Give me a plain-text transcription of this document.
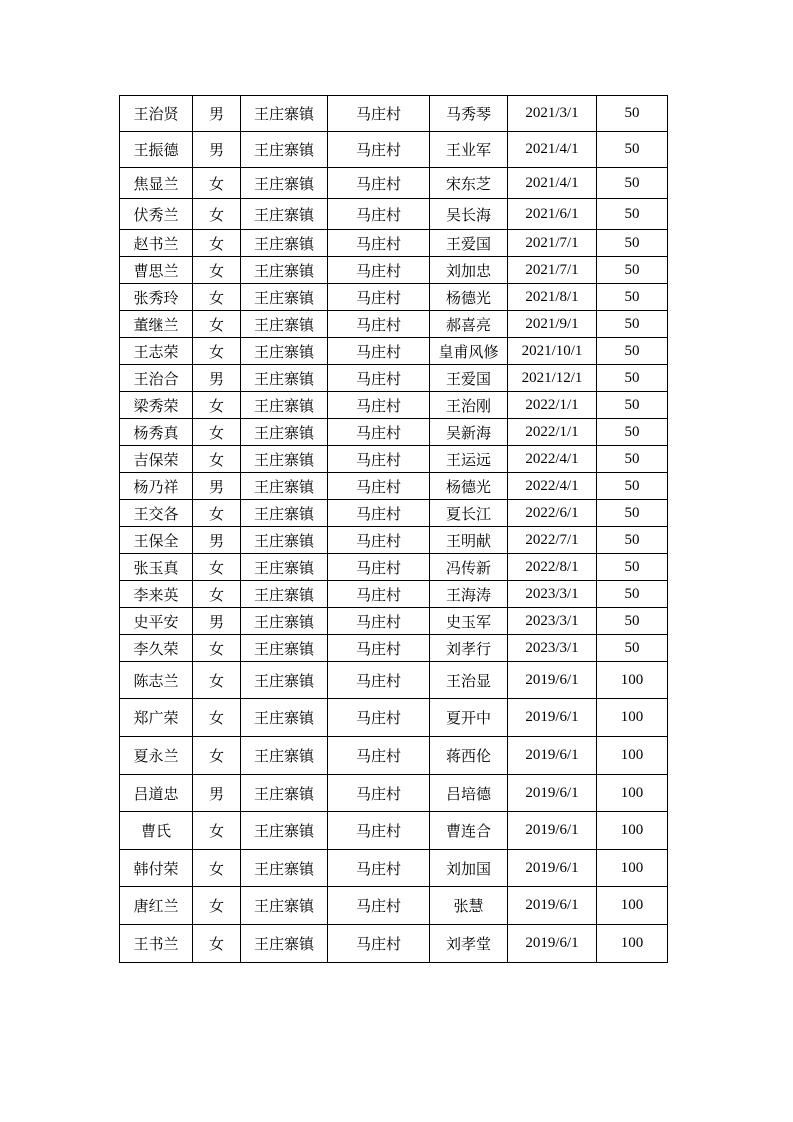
王治贤	男	王庄寨镇	马庄村	马秀琴	2021/3/1	50
王振德	男	王庄寨镇	马庄村	王业军	2021/4/1	50
焦显兰	女	王庄寨镇	马庄村	宋东芝	2021/4/1	50
伏秀兰	女	王庄寨镇	马庄村	吴长海	2021/6/1	50
赵书兰	女	王庄寨镇	马庄村	王爱国	2021/7/1	50
曹思兰	女	王庄寨镇	马庄村	刘加忠	2021/7/1	50
张秀玲	女	王庄寨镇	马庄村	杨德光	2021/8/1	50
董继兰	女	王庄寨镇	马庄村	郝喜亮	2021/9/1	50
王志荣	女	王庄寨镇	马庄村	皇甫风修	2021/10/1	50
王治合	男	王庄寨镇	马庄村	王爱国	2021/12/1	50
梁秀荣	女	王庄寨镇	马庄村	王治刚	2022/1/1	50
杨秀真	女	王庄寨镇	马庄村	吴新海	2022/1/1	50
吉保荣	女	王庄寨镇	马庄村	王运远	2022/4/1	50
杨乃祥	男	王庄寨镇	马庄村	杨德光	2022/4/1	50
王交各	女	王庄寨镇	马庄村	夏长江	2022/6/1	50
王保全	男	王庄寨镇	马庄村	王明献	2022/7/1	50
张玉真	女	王庄寨镇	马庄村	冯传新	2022/8/1	50
李来英	女	王庄寨镇	马庄村	王海涛	2023/3/1	50
史平安	男	王庄寨镇	马庄村	史玉军	2023/3/1	50
李久荣	女	王庄寨镇	马庄村	刘孝行	2023/3/1	50
陈志兰	女	王庄寨镇	马庄村	王治显	2019/6/1	100
郑广荣	女	王庄寨镇	马庄村	夏开中	2019/6/1	100
夏永兰	女	王庄寨镇	马庄村	蒋西伦	2019/6/1	100
吕道忠	男	王庄寨镇	马庄村	吕培德	2019/6/1	100
曹氏	女	王庄寨镇	马庄村	曹连合	2019/6/1	100
韩付荣	女	王庄寨镇	马庄村	刘加国	2019/6/1	100
唐红兰	女	王庄寨镇	马庄村	张慧	2019/6/1	100
王书兰	女	王庄寨镇	马庄村	刘孝堂	2019/6/1	100
